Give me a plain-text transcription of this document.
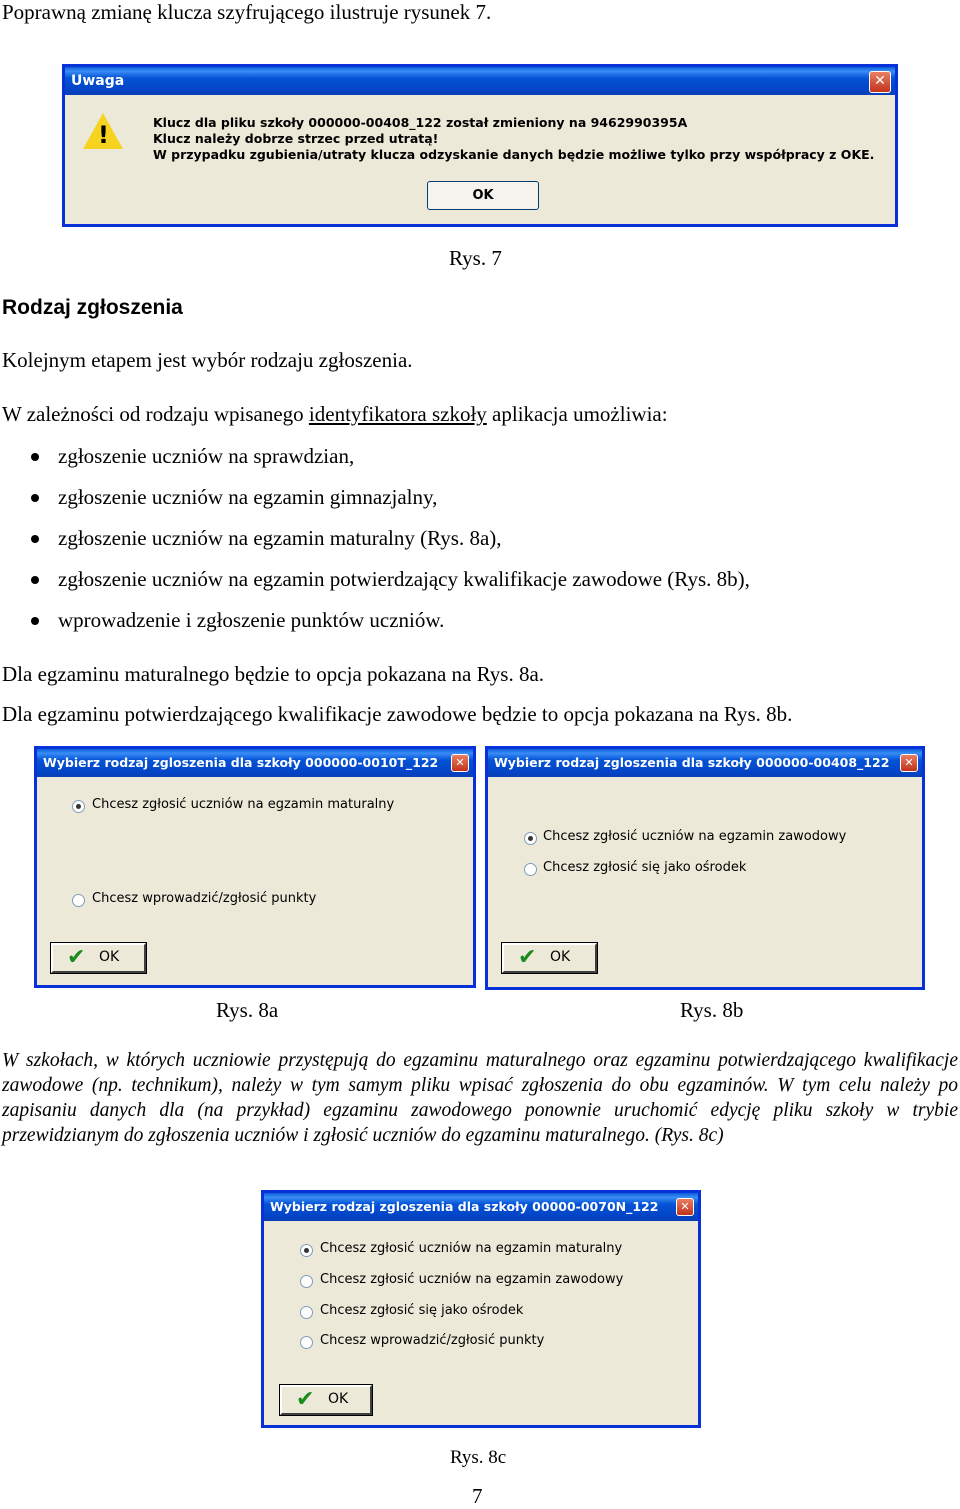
Poprawną zmianę klucza szyfrującego ilustruje rysunek 7.
Uwaga	✕
!	Klucz dla pliku szkoły 000000-00408_122 został zmieniony na 9462990395A
Klucz należy dobrze strzec przed utratą!
W przypadku zgubienia/utraty klucza odzyskanie danych będzie możliwe tylko przy współpracy z OKE.
OK
Rys. 7
Rodzaj zgłoszenia
Kolejnym etapem jest wybór rodzaju zgłoszenia.
W zależności od rodzaju wpisanego identyfikatora szkoły aplikacja umożliwia:
zgłoszenie uczniów na sprawdzian,
zgłoszenie uczniów na egzamin gimnazjalny,
zgłoszenie uczniów na egzamin maturalny (Rys. 8a),
zgłoszenie uczniów na egzamin potwierdzający kwalifikacje zawodowe (Rys. 8b),
wprowadzenie i zgłoszenie punktów uczniów.
Dla egzaminu maturalnego będzie to opcja pokazana na Rys. 8a.
Dla egzaminu potwierdzającego kwalifikacje zawodowe będzie to opcja pokazana na Rys. 8b.
Wybierz rodzaj zgloszenia dla szkoły 000000-0010T_122	✕
Chcesz zgłosić uczniów na egzamin maturalny
Chcesz wprowadzić/zgłosić punkty
✔ OK
Wybierz rodzaj zgloszenia dla szkoły 000000-00408_122	✕
Chcesz zgłosić uczniów na egzamin zawodowy
Chcesz zgłosić się jako ośrodek
✔ OK
Rys. 8a	Rys. 8b

W szkołach, w których uczniowie przystępują do egzaminu maturalnego oraz egzaminu potwierdzającego kwalifikacje zawodowe (np. technikum), należy w tym samym pliku wpisać zgłoszenia do obu egzaminów. W tym celu należy po zapisaniu danych dla (na przykład) egzaminu zawodowego ponownie uruchomić edycję pliku szkoły w trybie przewidzianym do zgłoszenia uczniów i zgłosić uczniów do egzaminu maturalnego. (Rys. 8c)

Wybierz rodzaj zgloszenia dla szkoły 00000-0070N_122	✕
Chcesz zgłosić uczniów na egzamin maturalny
Chcesz zgłosić uczniów na egzamin zawodowy
Chcesz zgłosić się jako ośrodek
Chcesz wprowadzić/zgłosić punkty
✔ OK
Rys. 8c
7
